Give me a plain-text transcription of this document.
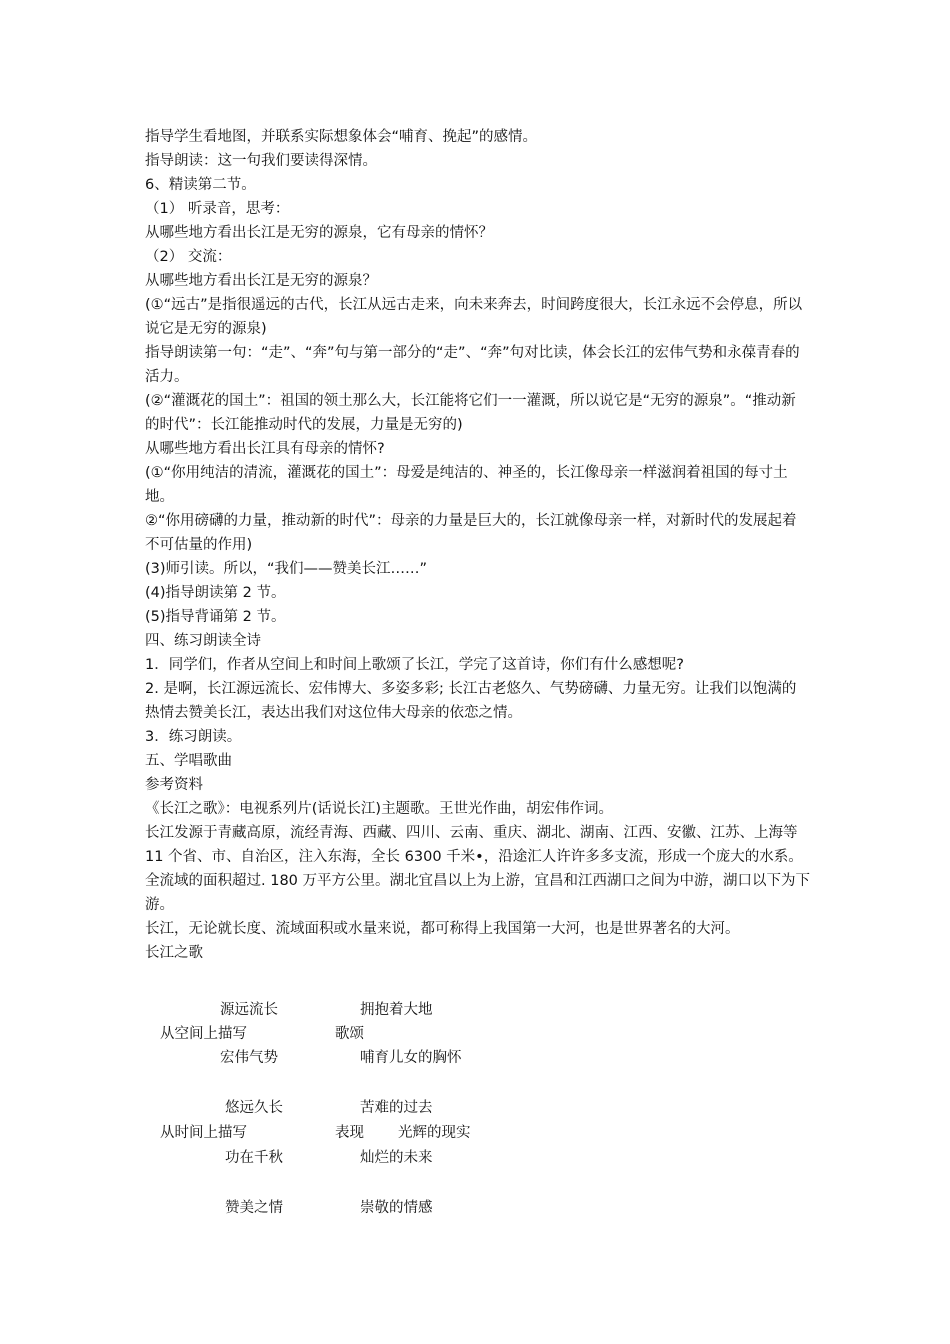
指导学生看地图，并联系实际想象体会“哺育、挽起”的感情。

指导朗读：这一句我们要读得深情。

6、精读第二节。

（1） 听录音，思考：

从哪些地方看出长江是无穷的源泉，它有母亲的情怀？

（2） 交流：

从哪些地方看出长江是无穷的源泉？

(①“远古”是指很遥远的古代，长江从远古走来，向未来奔去，时间跨度很大，长江永远不会停息，所以说它是无穷的源泉)

指导朗读第一句：“走”、“奔”句与第一部分的“走”、“奔”句对比读，体会长江的宏伟气势和永葆青春的活力。

(②“灌溉花的国土”：祖国的领土那么大，长江能将它们一一灌溉，所以说它是“无穷的源泉”。“推动新的时代”：长江能推动时代的发展，力量是无穷的)

从哪些地方看出长江具有母亲的情怀?

(①“你用纯洁的清流，灌溉花的国土”：母爱是纯洁的、神圣的，长江像母亲一样滋润着祖国的每寸土地。

②“你用磅礴的力量，推动新的时代”：母亲的力量是巨大的，长江就像母亲一样，对新时代的发展起着不可估量的作用)

(3)师引读。所以，“我们——赞美长江……”

(4)指导朗读第 2 节。

(5)指导背诵第 2 节。

四、练习朗读全诗

1．同学们，作者从空间上和时间上歌颂了长江，学完了这首诗，你们有什么感想呢?

2. 是啊，长江源远流长、宏伟博大、多姿多彩; 长江古老悠久、气势磅礴、力量无穷。让我们以饱满的热情去赞美长江，表达出我们对这位伟大母亲的依恋之情。

3．练习朗读。

五、学唱歌曲

参考资料

《长江之歌》：电视系列片(话说长江)主题歌。王世光作曲，胡宏伟作词。

长江发源于青藏高原，流经青海、西藏、四川、云南、重庆、湖北、湖南、江西、安徽、江苏、上海等 11 个省、市、自治区，注入东海，全长 6300 千米•，沿途汇人许许多多支流，形成一个庞大的水系。全流域的面积超过. 180 万平方公里。湖北宜昌以上为上游，宜昌和江西湖口之间为中游，湖口以下为下游。

长江，无论就长度、流域面积或水量来说，都可称得上我国第一大河，也是世界著名的大河。

长江之歌

源远流长	拥抱着大地
从空间上描写	歌颂
宏伟气势	哺育儿女的胸怀
悠远久长	苦难的过去
从时间上描写	表现 光辉的现实
功在千秋	灿烂的未来
赞美之情	崇敬的情感
